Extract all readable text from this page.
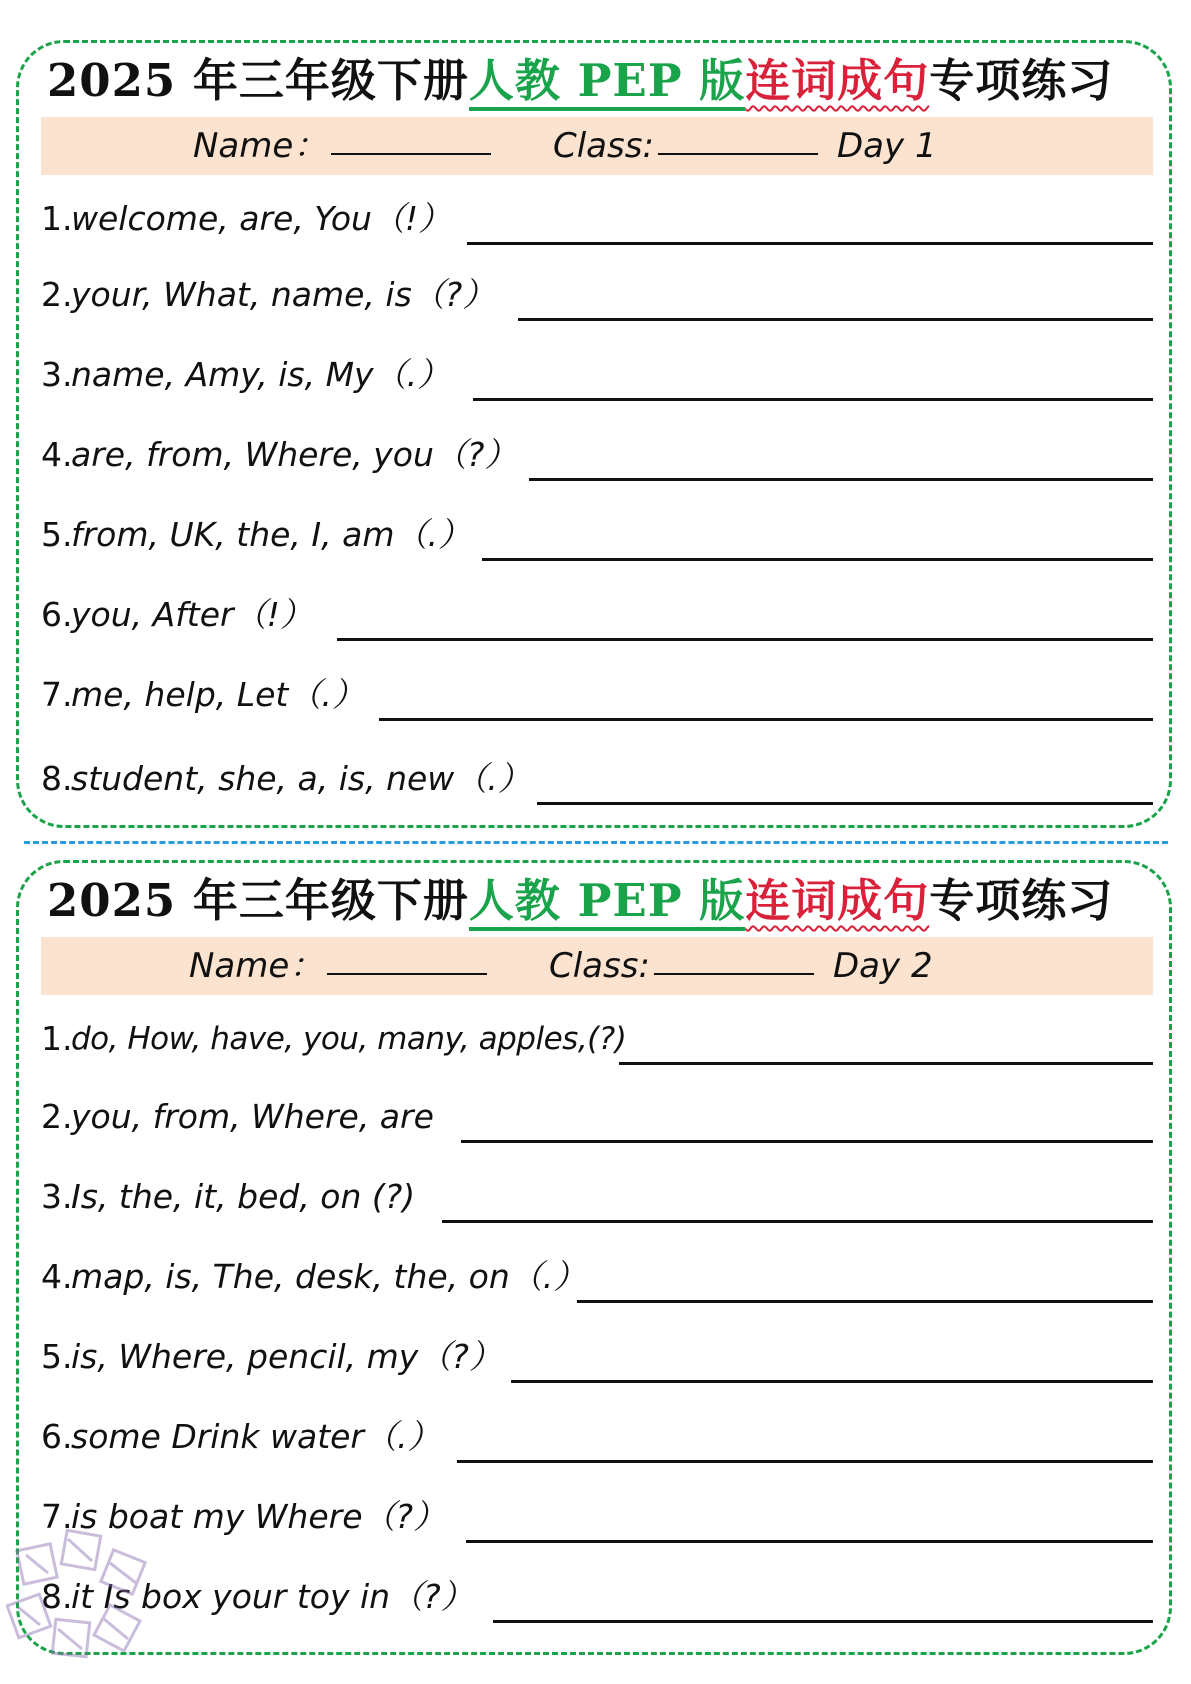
2025 年三年级下册人教 PEP 版连词成句专项练习
Name：	Class:	Day 1
1.
welcome, are, You（!）
2.
your, What, name, is（?）
3.
name, Amy, is, My（.）
4.
are, from, Where, you（?）
5.
from, UK, the, I, am（.）
6.
you, After（!）
7.
me, help, Let（.）
8.
student, she, a, is, new（.）
2025 年三年级下册人教 PEP 版连词成句专项练习
Name：	Class:	Day 2
1.
do, How, have, you, many, apples,(?)
2.
you, from, Where, are
3.
Is, the, it, bed, on (?)
4.
map, is, The, desk, the, on（.）
5.
is, Where, pencil, my（?）
6.
some Drink water（.）
7.
is boat my Where（?）
8.
it Is box your toy in（?）
